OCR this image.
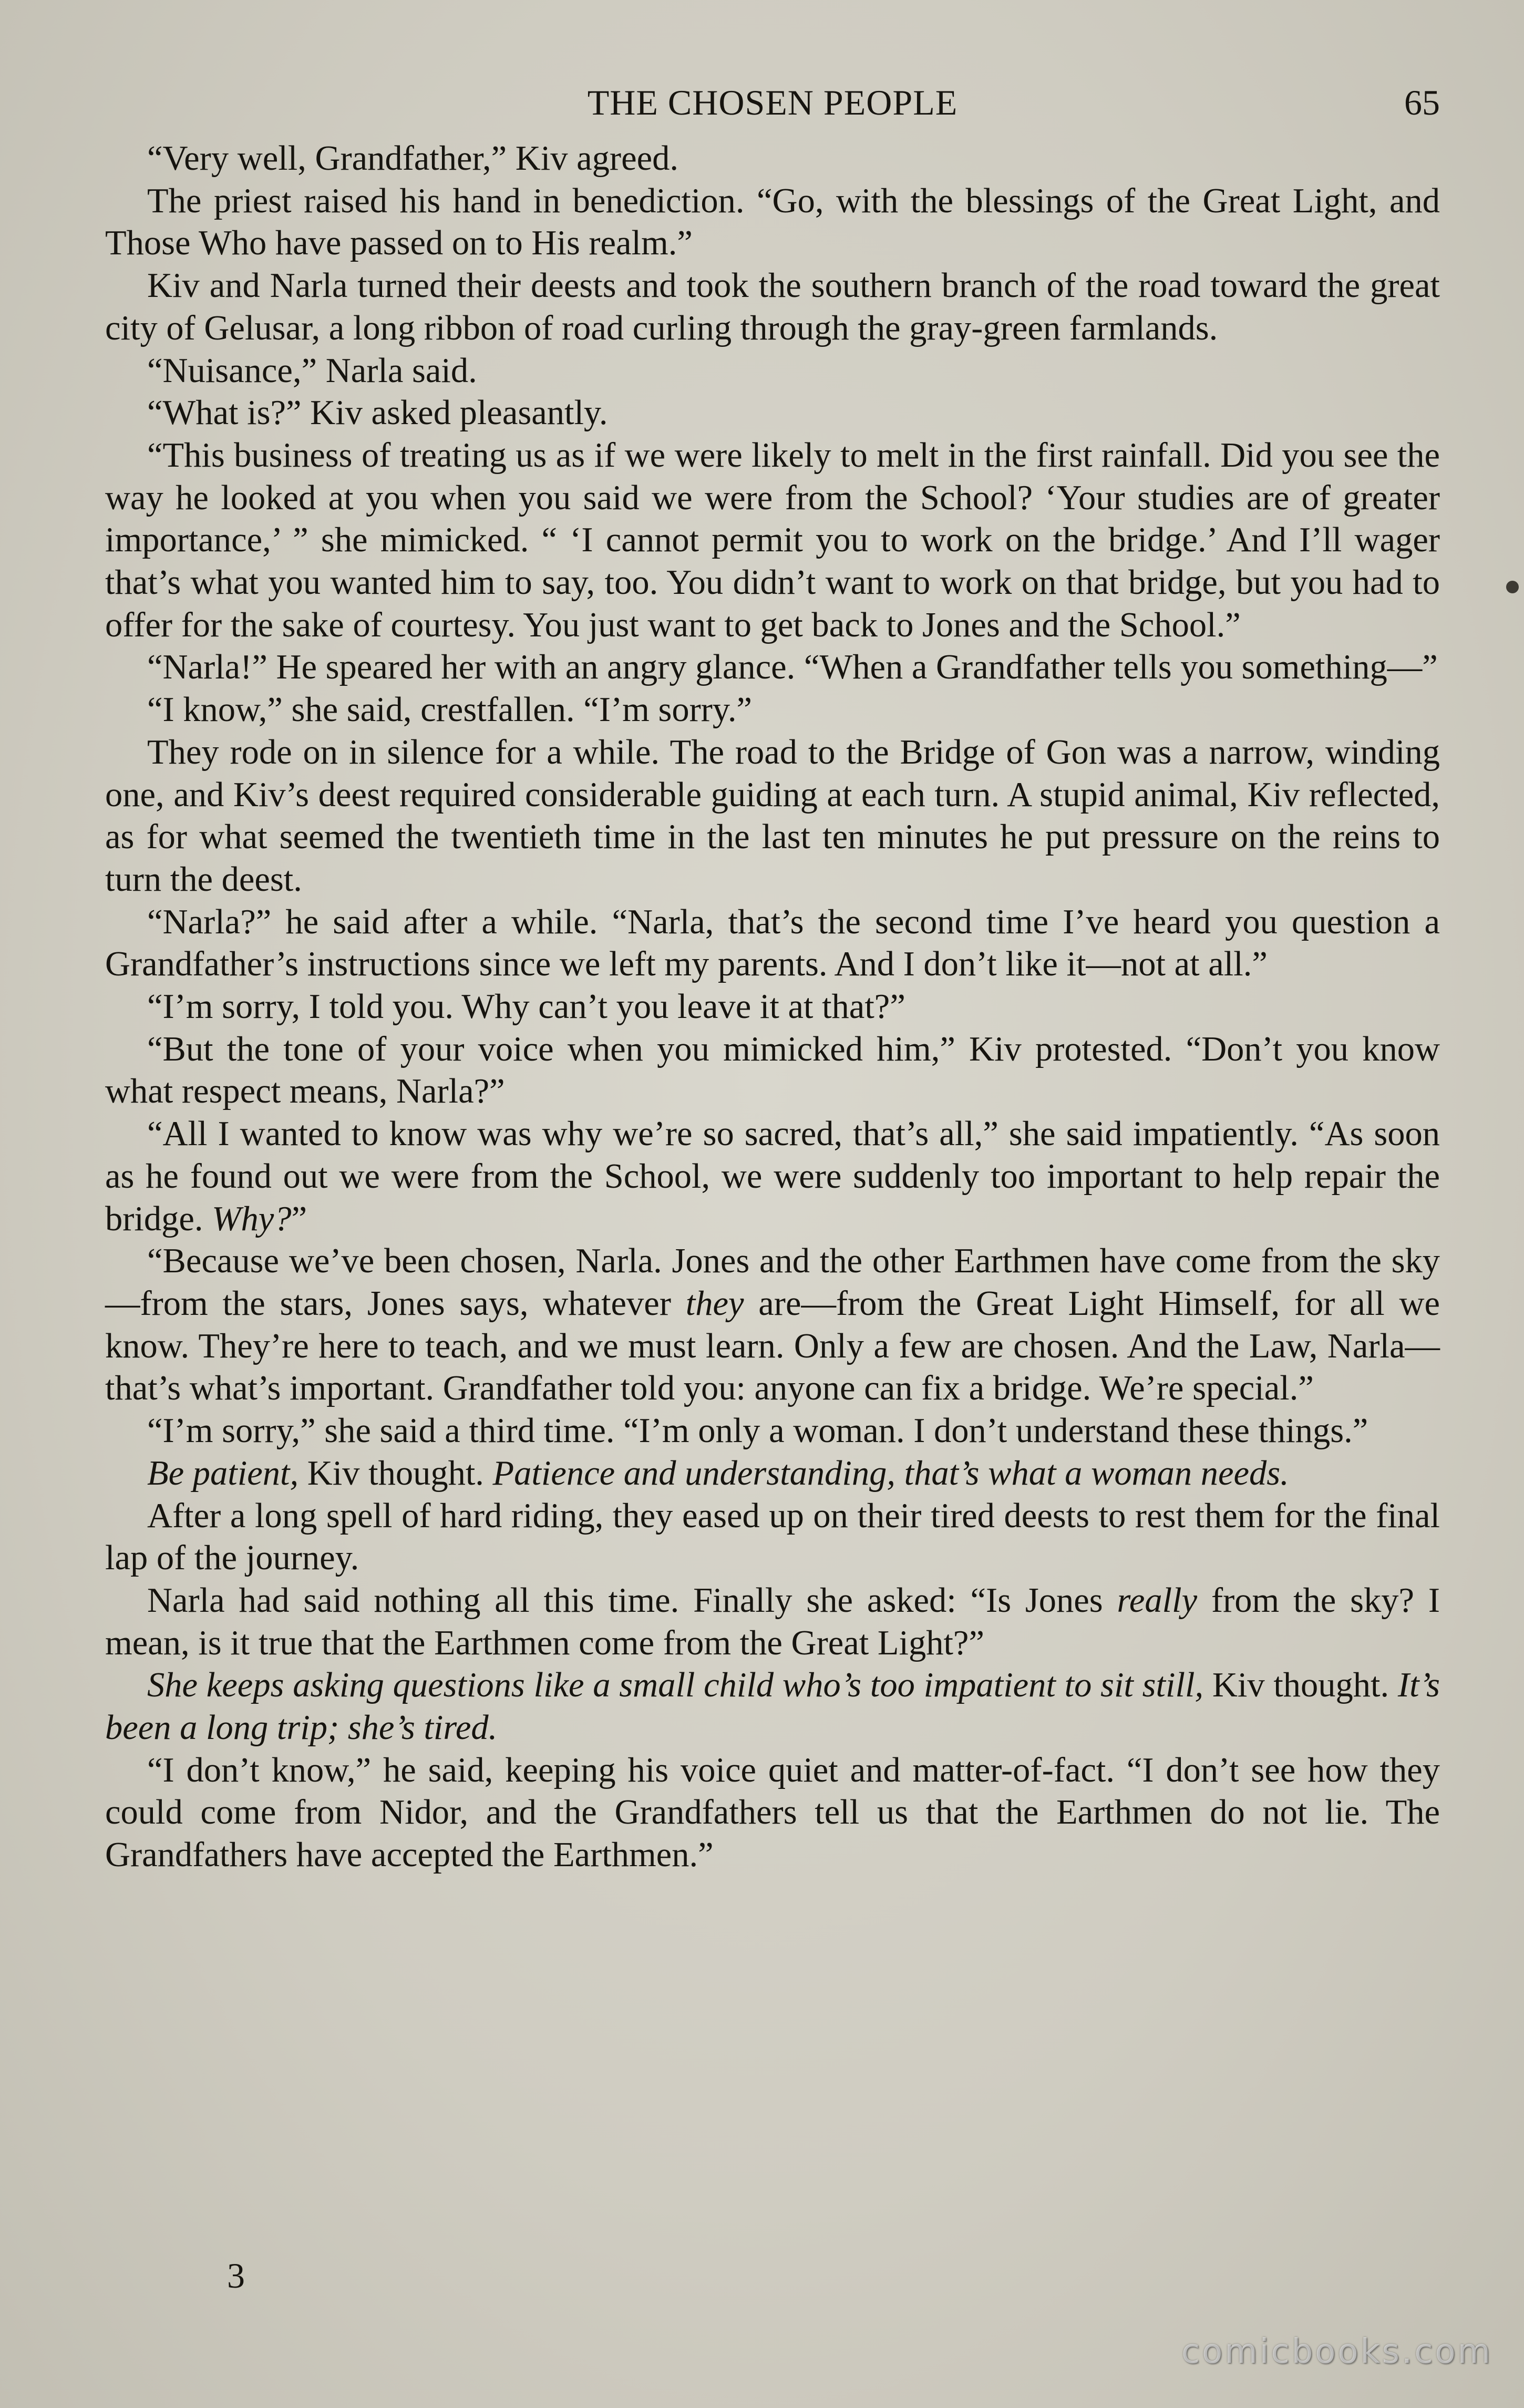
THE CHOSEN PEOPLE	65

“Very well, Grandfather,” Kiv agreed.

The priest raised his hand in benediction. “Go, with the blessings of the Great Light, and Those Who have passed on to His realm.”

Kiv and Narla turned their deests and took the southern branch of the road toward the great city of Gelusar, a long ribbon of road curling through the gray-green farmlands.

“Nuisance,” Narla said.

“What is?” Kiv asked pleasantly.

“This business of treating us as if we were likely to melt in the first rainfall. Did you see the way he looked at you when you said we were from the School? ‘Your studies are of greater importance,’ ” she mimicked. “ ‘I cannot permit you to work on the bridge.’ And I’ll wager that’s what you wanted him to say, too. You didn’t want to work on that bridge, but you had to offer for the sake of courtesy. You just want to get back to Jones and the School.”

“Narla!” He speared her with an angry glance. “When a Grandfather tells you something—”

“I know,” she said, crestfallen. “I’m sorry.”

They rode on in silence for a while. The road to the Bridge of Gon was a narrow, winding one, and Kiv’s deest required considerable guiding at each turn. A stupid animal, Kiv reflected, as for what seemed the twentieth time in the last ten minutes he put pressure on the reins to turn the deest.

“Narla?” he said after a while. “Narla, that’s the second time I’ve heard you question a Grandfather’s instructions since we left my parents. And I don’t like it—not at all.”

“I’m sorry, I told you. Why can’t you leave it at that?”

“But the tone of your voice when you mimicked him,” Kiv protested. “Don’t you know what respect means, Narla?”

“All I wanted to know was why we’re so sacred, that’s all,” she said impatiently. “As soon as he found out we were from the School, we were suddenly too important to help repair the bridge. Why?”

“Because we’ve been chosen, Narla. Jones and the other Earthmen have come from the sky—from the stars, Jones says, whatever they are—from the Great Light Himself, for all we know. They’re here to teach, and we must learn. Only a few are chosen. And the Law, Narla—that’s what’s important. Grandfather told you: anyone can fix a bridge. We’re special.”

“I’m sorry,” she said a third time. “I’m only a woman. I don’t understand these things.”

Be patient, Kiv thought. Patience and understanding, that’s what a woman needs.

After a long spell of hard riding, they eased up on their tired deests to rest them for the final lap of the journey.

Narla had said nothing all this time. Finally she asked: “Is Jones really from the sky? I mean, is it true that the Earthmen come from the Great Light?”

She keeps asking questions like a small child who’s too impatient to sit still, Kiv thought. It’s been a long trip; she’s tired.

“I don’t know,” he said, keeping his voice quiet and matter-of-fact. “I don’t see how they could come from Nidor, and the Grandfathers tell us that the Earthmen do not lie. The Grandfathers have accepted the Earthmen.”

3
comicbooks.com
